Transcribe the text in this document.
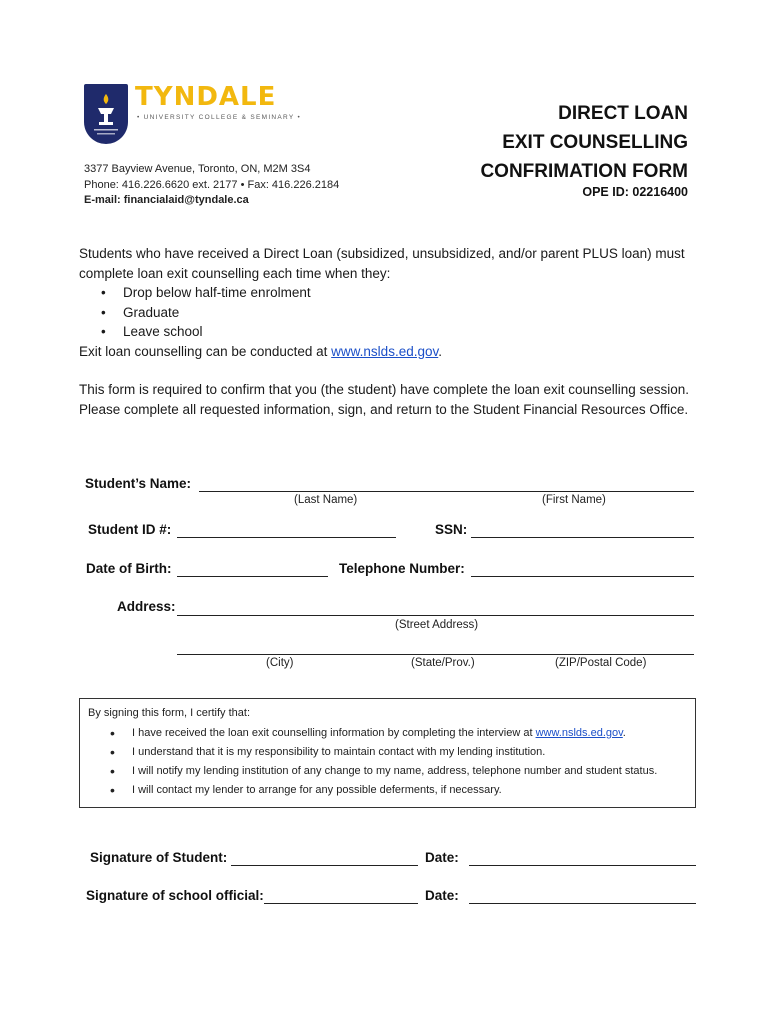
TYNDALE
• UNIVERSITY COLLEGE & SEMINARY •
3377 Bayview Avenue, Toronto, ON, M2M 3S4
Phone: 416.226.6620 ext. 2177 • Fax: 416.226.2184
E-mail: financialaid@tyndale.ca
DIRECT LOAN
EXIT COUNSELLING
CONFRIMATION FORM
OPE ID: 02216400
Students who have received a Direct Loan (subsidized, unsubsidized, and/or parent PLUS loan) must complete loan exit counselling each time when they:
• Drop below half-time enrolment
• Graduate
• Leave school
Exit loan counselling can be conducted at www.nslds.ed.gov.
This form is required to confirm that you (the student) have complete the loan exit counselling session. Please complete all requested information, sign, and return to the Student Financial Resources Office.
Student’s Name:
(Last Name)	(First Name)
Student ID #:	SSN:
Date of Birth:	Telephone Number:
Address:
(Street Address)
(City)	(State/Prov.)	(ZIP/Postal Code)
By signing this form, I certify that:
• I have received the loan exit counselling information by completing the interview at www.nslds.ed.gov.
• I understand that it is my responsibility to maintain contact with my lending institution.
• I will notify my lending institution of any change to my name, address, telephone number and student status.
• I will contact my lender to arrange for any possible deferments, if necessary.
Signature of Student:	Date:
Signature of school official:	Date:
